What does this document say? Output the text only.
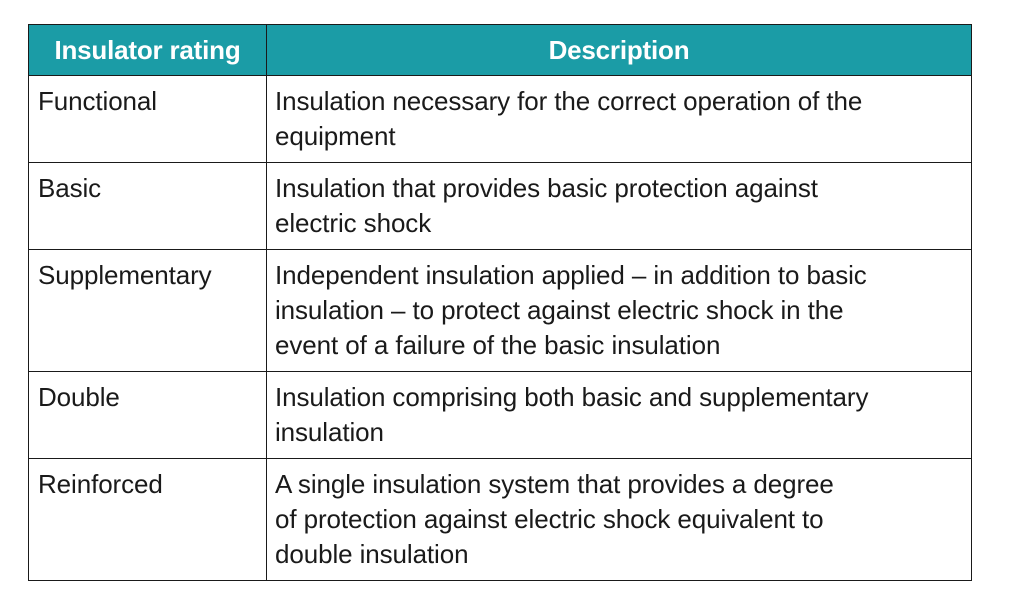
Insulator rating	Description
Functional	Insulation necessary for the correct operation of the
equipment
Basic	Insulation that provides basic protection against
electric shock
Supplementary	Independent insulation applied – in addition to basic
insulation – to protect against electric shock in the
event of a failure of the basic insulation
Double	Insulation comprising both basic and supplementary
insulation
Reinforced	A single insulation system that provides a degree
of protection against electric shock equivalent to
double insulation
